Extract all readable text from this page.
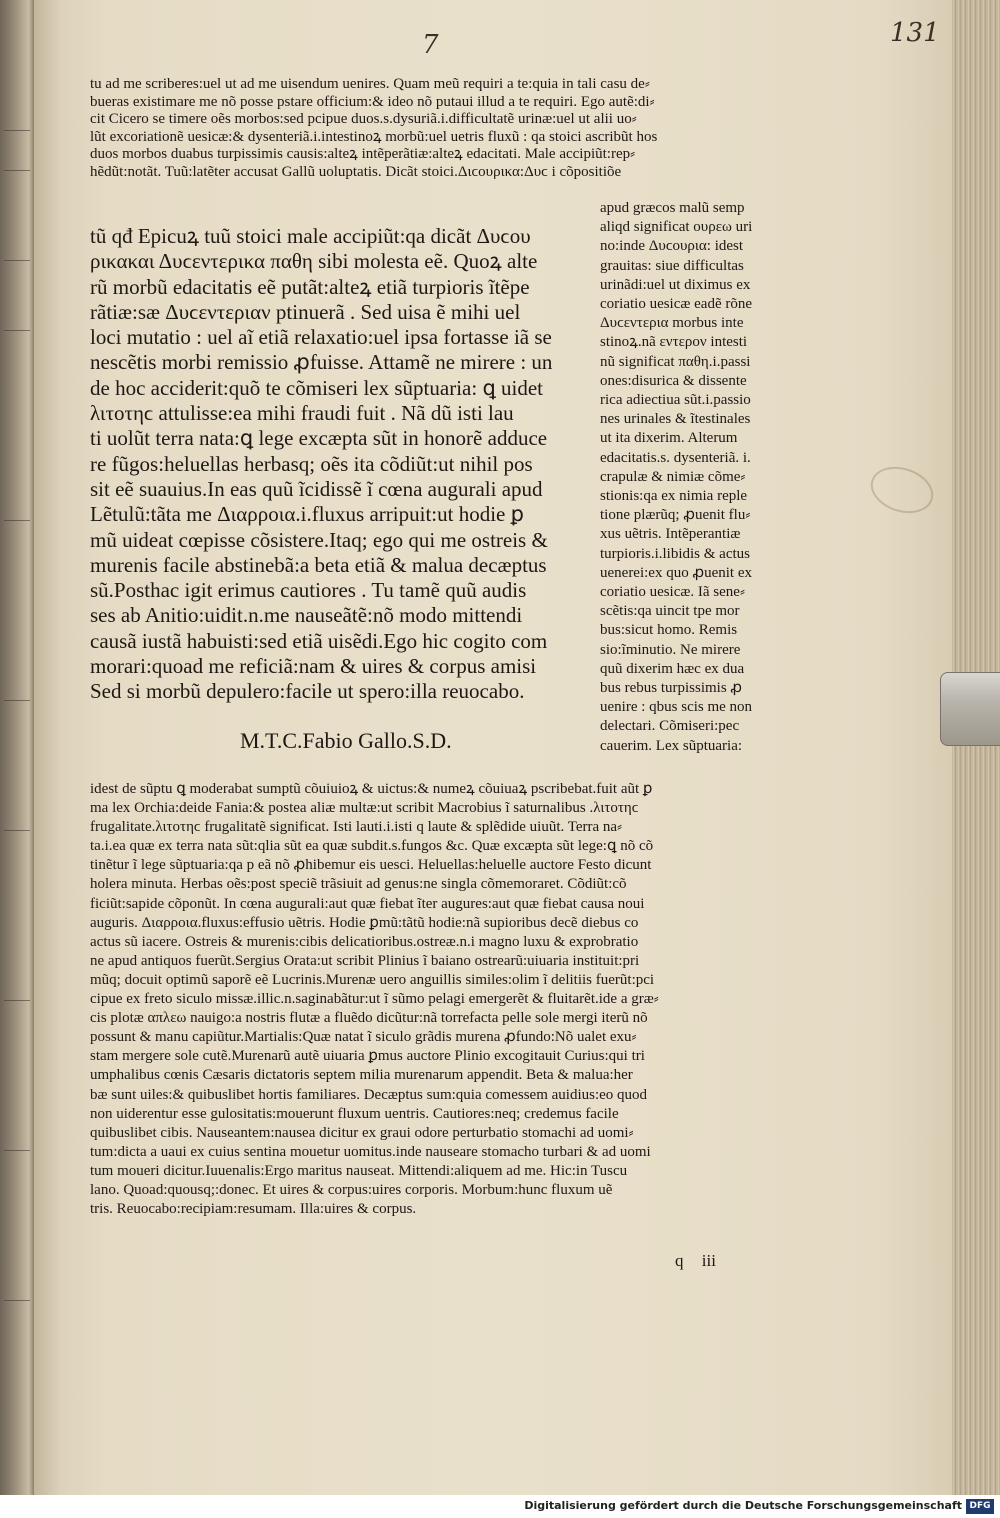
7	131
tu ad me scriberes:uel ut ad me uisendum uenires. Quam meũ requiri a te:quia in tali casu de⸗
bueras existimare me nõ posse pstare officium:& ideo nõ putaui illud a te requiri. Ego autẽ:di⸗
cit Cicero se timere oẽs morbos:sed pcipue duos.s.dysuriã.i.difficultatẽ urinæ:uel ut alii uo⸗
lũt excoriationẽ uesicæ:& dysenteriã.i.intestinoꝝ morbũ:uel uetris fluxũ : qa stoici ascribũt hos
duos morbos duabus turpissimis causis:alteꝝ intẽperãtiæ:alteꝝ edacitati. Male accipiũt:rep⸗
hẽdũt:notãt. Tuũ:latẽter accusat Gallũ uoluptatis. Dicãt stoici.Διϲουρικα:Δυϲ i cõpositiõe
tũ qđ Epicuꝝ tuũ stoici male accipiũt:qa dicãt Δυϲου
ρικακαι Δυϲεντερικα παθη sibi molesta eẽ. Quoꝝ alte
rũ morbũ edacitatis eẽ putãt:alteꝝ etiã turpioris ĩtẽpe
rãtiæ:sæ Δυϲεντεριαν ptinuerã . Sed uisa ẽ mihi uel
loci mutatio : uel aĩ etiã relaxatio:uel ipsa fortasse iã se
nescẽtis morbi remissio ꝓfuisse. Attamẽ ne mirere : un
de hoc acciderit:quõ te cõmiseri lex sũptuaria: ꝗ uidet
λιτοτηϲ attulisse:ea mihi fraudi fuit . Nã dũ isti lau
ti uolũt terra nata:ꝗ lege excæpta sũt in honorẽ adduce
re fũgos:heluellas herbasq; oẽs ita cõdiũt:ut nihil pos
sit eẽ suauius.In eas quũ ĩcidissẽ ĩ cœna augurali apud
Lẽtulũ:tãta me Διαρροια.i.fluxus arripuit:ut hodie ꝑ
mũ uideat cœpisse cõsistere.Itaq; ego qui me ostreis &
murenis facile abstinebã:a beta etiã & malua decæptus
sũ.Posthac igit erimus cautiores . Tu tamẽ quũ audis
ses ab Anitio:uidit.n.me nauseãtẽ:nõ modo mittendi
causã iustã habuisti:sed etiã uisẽdi.Ego hic cogito com
morari:quoad me reficiã:nam & uires & corpus amisi
Sed si morbũ depulero:facile ut spero:illa reuocabo.
M.T.C.Fabio Gallo.S.D.
apud græcos malũ semp
aliqd significat ουρεω uri
no:inde Δυϲουρια: idest
grauitas: siue difficultas
urinãdi:uel ut diximus ex
coriatio uesicæ eadẽ rõne
Δυϲεντερια morbus inte
stinoꝝ.nã εντερον intesti
nũ significat παθη.i.passi
ones:disurica & dissente
rica adiectiua sũt.i.passio
nes urinales & ĩtestinales
ut ita dixerim. Alterum
edacitatis.s. dysenteriã. i.
crapulæ & nimiæ cõme⸗
stionis:qa ex nimia reple
tione plærũq; ꝓuenit flu⸗
xus uẽtris. Intẽperantiæ
turpioris.i.libidis & actus
uenerei:ex quo ꝓuenit ex
coriatio uesicæ. Iã sene⸗
scẽtis:qa uincit tpe mor
bus:sicut homo. Remis
sio:ĩminutio. Ne mirere
quũ dixerim hæc ex dua
bus rebus turpissimis ꝓ
uenire : qbus scis me non
delectari. Cõmiseri:pec
cauerim. Lex sũptuaria:
idest de sũptu ꝗ moderabat sumptũ cõuiuioꝝ & uictus:& numeꝝ cõuiuaꝝ pscribebat.fuit aũt ꝑ
ma lex Orchia:deide Fania:& postea aliæ multæ:ut scribit Macrobius ĩ saturnalibus .λιτοτηϲ
frugalitate.λιτοτηϲ frugalitatẽ significat. Isti lauti.i.isti q laute & splẽdide uiuũt. Terra na⸗
ta.i.ea quæ ex terra nata sũt:qlia sũt ea quæ subdit.s.fungos &c. Quæ excæpta sũt lege:ꝗ nõ cõ
tinẽtur ĩ lege sũptuaria:qa p eã nõ ꝓhibemur eis uesci. Heluellas:heluelle auctore Festo dicunt
holera minuta. Herbas oẽs:post speciẽ trãsiuit ad genus:ne singla cõmemoraret. Cõdiũt:cõ
ficiũt:sapide cõponũt. In cœna augurali:aut quæ fiebat ĩter augures:aut quæ fiebat causa noui
auguris. Διαρροια.fluxus:effusio uẽtris. Hodie ꝑmũ:tãtũ hodie:nã supioribus decẽ diebus co
actus sũ iacere. Ostreis & murenis:cibis delicatioribus.ostreæ.n.i magno luxu & exprobratio
ne apud antiquos fuerũt.Sergius Orata:ut scribit Plinius ĩ baiano ostrearũ:uiuaria instituit:pri
mũq; docuit optimũ saporẽ eẽ Lucrinis.Murenæ uero anguillis similes:olim ĩ delitiis fuerũt:pci
cipue ex freto siculo missæ.illic.n.saginabãtur:ut ĩ sũmo pelagi emergerẽt & fluitarẽt.ide a græ⸗
cis plotæ απλεω nauigo:a nostris flutæ a fluẽdo dicũtur:nã torrefacta pelle sole mergi iterũ nõ
possunt & manu capiũtur.Martialis:Quæ natat ĩ siculo grãdis murena ꝓfundo:Nõ ualet exu⸗
stam mergere sole cutẽ.Murenarũ autẽ uiuaria ꝑmus auctore Plinio excogitauit Curius:qui tri
umphalibus cœnis Cæsaris dictatoris septem milia murenarum appendit. Beta & malua:her
bæ sunt uiles:& quibuslibet hortis familiares. Decæptus sum:quia comessem auidius:eo quod
non uiderentur esse gulositatis:mouerunt fluxum uentris. Cautiores:neq; credemus facile
quibuslibet cibis. Nauseantem:nausea dicitur ex graui odore perturbatio stomachi ad uomi⸗
tum:dicta a uaui ex cuius sentina mouetur uomitus.inde nauseare stomacho turbari & ad uomi
tum moueri dicitur.Iuuenalis:Ergo maritus nauseat. Mittendi:aliquem ad me. Hic:in Tuscu
lano. Quoad:quousq;:donec. Et uires & corpus:uires corporis. Morbum:hunc fluxum uẽ
tris. Reuocabo:recipiam:resumam. Illa:uires & corpus.
q iii
Digitalisierung gefördert durch die Deutsche Forschungsgemeinschaft DFG
